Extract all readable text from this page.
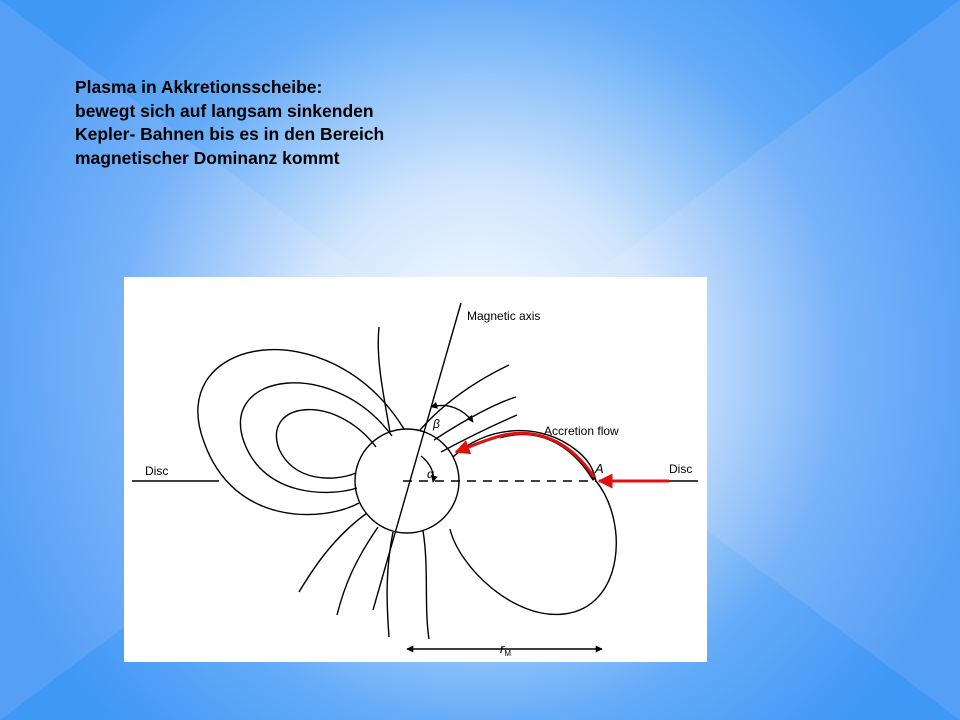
Plasma in Akkretionsscheibe:
bewegt sich auf langsam sinkenden
Kepler- Bahnen bis es in den Bereich
magnetischer Dominanz kommt
Magnetic axis
Accretion flow
Disc	Disc
A
α
β
$r_M$
